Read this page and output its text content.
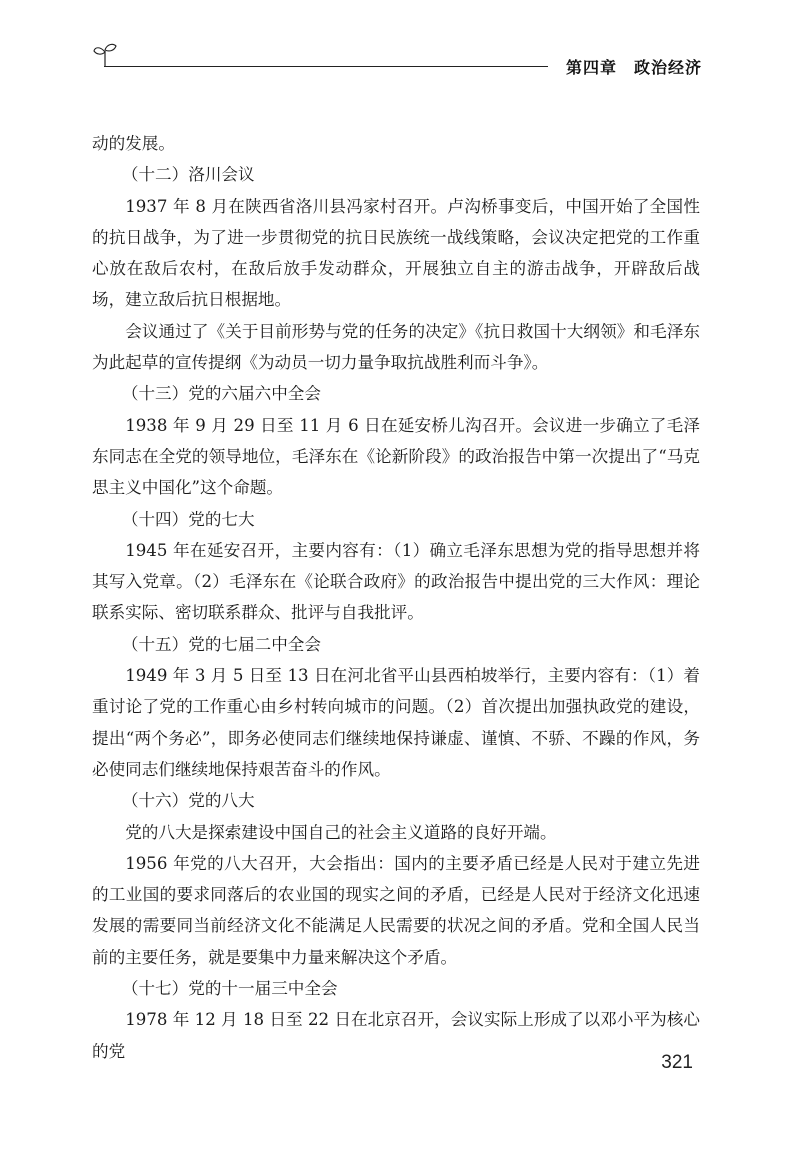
第四章　政治经济

动的发展。

（十二）洛川会议

1937 年 8 月在陕西省洛川县冯家村召开。卢沟桥事变后，中国开始了全国性的抗日战争，为了进一步贯彻党的抗日民族统一战线策略，会议决定把党的工作重心放在敌后农村，在敌后放手发动群众，开展独立自主的游击战争，开辟敌后战场，建立敌后抗日根据地。

会议通过了《关于目前形势与党的任务的决定》《抗日救国十大纲领》和毛泽东为此起草的宣传提纲《为动员一切力量争取抗战胜利而斗争》。

（十三）党的六届六中全会

1938 年 9 月 29 日至 11 月 6 日在延安桥儿沟召开。会议进一步确立了毛泽东同志在全党的领导地位，毛泽东在《论新阶段》的政治报告中第一次提出了“马克思主义中国化”这个命题。

（十四）党的七大

1945 年在延安召开，主要内容有：（1）确立毛泽东思想为党的指导思想并将其写入党章。（2）毛泽东在《论联合政府》的政治报告中提出党的三大作风：理论联系实际、密切联系群众、批评与自我批评。

（十五）党的七届二中全会

1949 年 3 月 5 日至 13 日在河北省平山县西柏坡举行，主要内容有：（1）着重讨论了党的工作重心由乡村转向城市的问题。（2）首次提出加强执政党的建设，提出“两个务必”，即务必使同志们继续地保持谦虚、谨慎、不骄、不躁的作风，务必使同志们继续地保持艰苦奋斗的作风。

（十六）党的八大

党的八大是探索建设中国自己的社会主义道路的良好开端。

1956 年党的八大召开，大会指出：国内的主要矛盾已经是人民对于建立先进的工业国的要求同落后的农业国的现实之间的矛盾，已经是人民对于经济文化迅速发展的需要同当前经济文化不能满足人民需要的状况之间的矛盾。党和全国人民当前的主要任务，就是要集中力量来解决这个矛盾。

（十七）党的十一届三中全会

1978 年 12 月 18 日至 22 日在北京召开，会议实际上形成了以邓小平为核心的党

321
